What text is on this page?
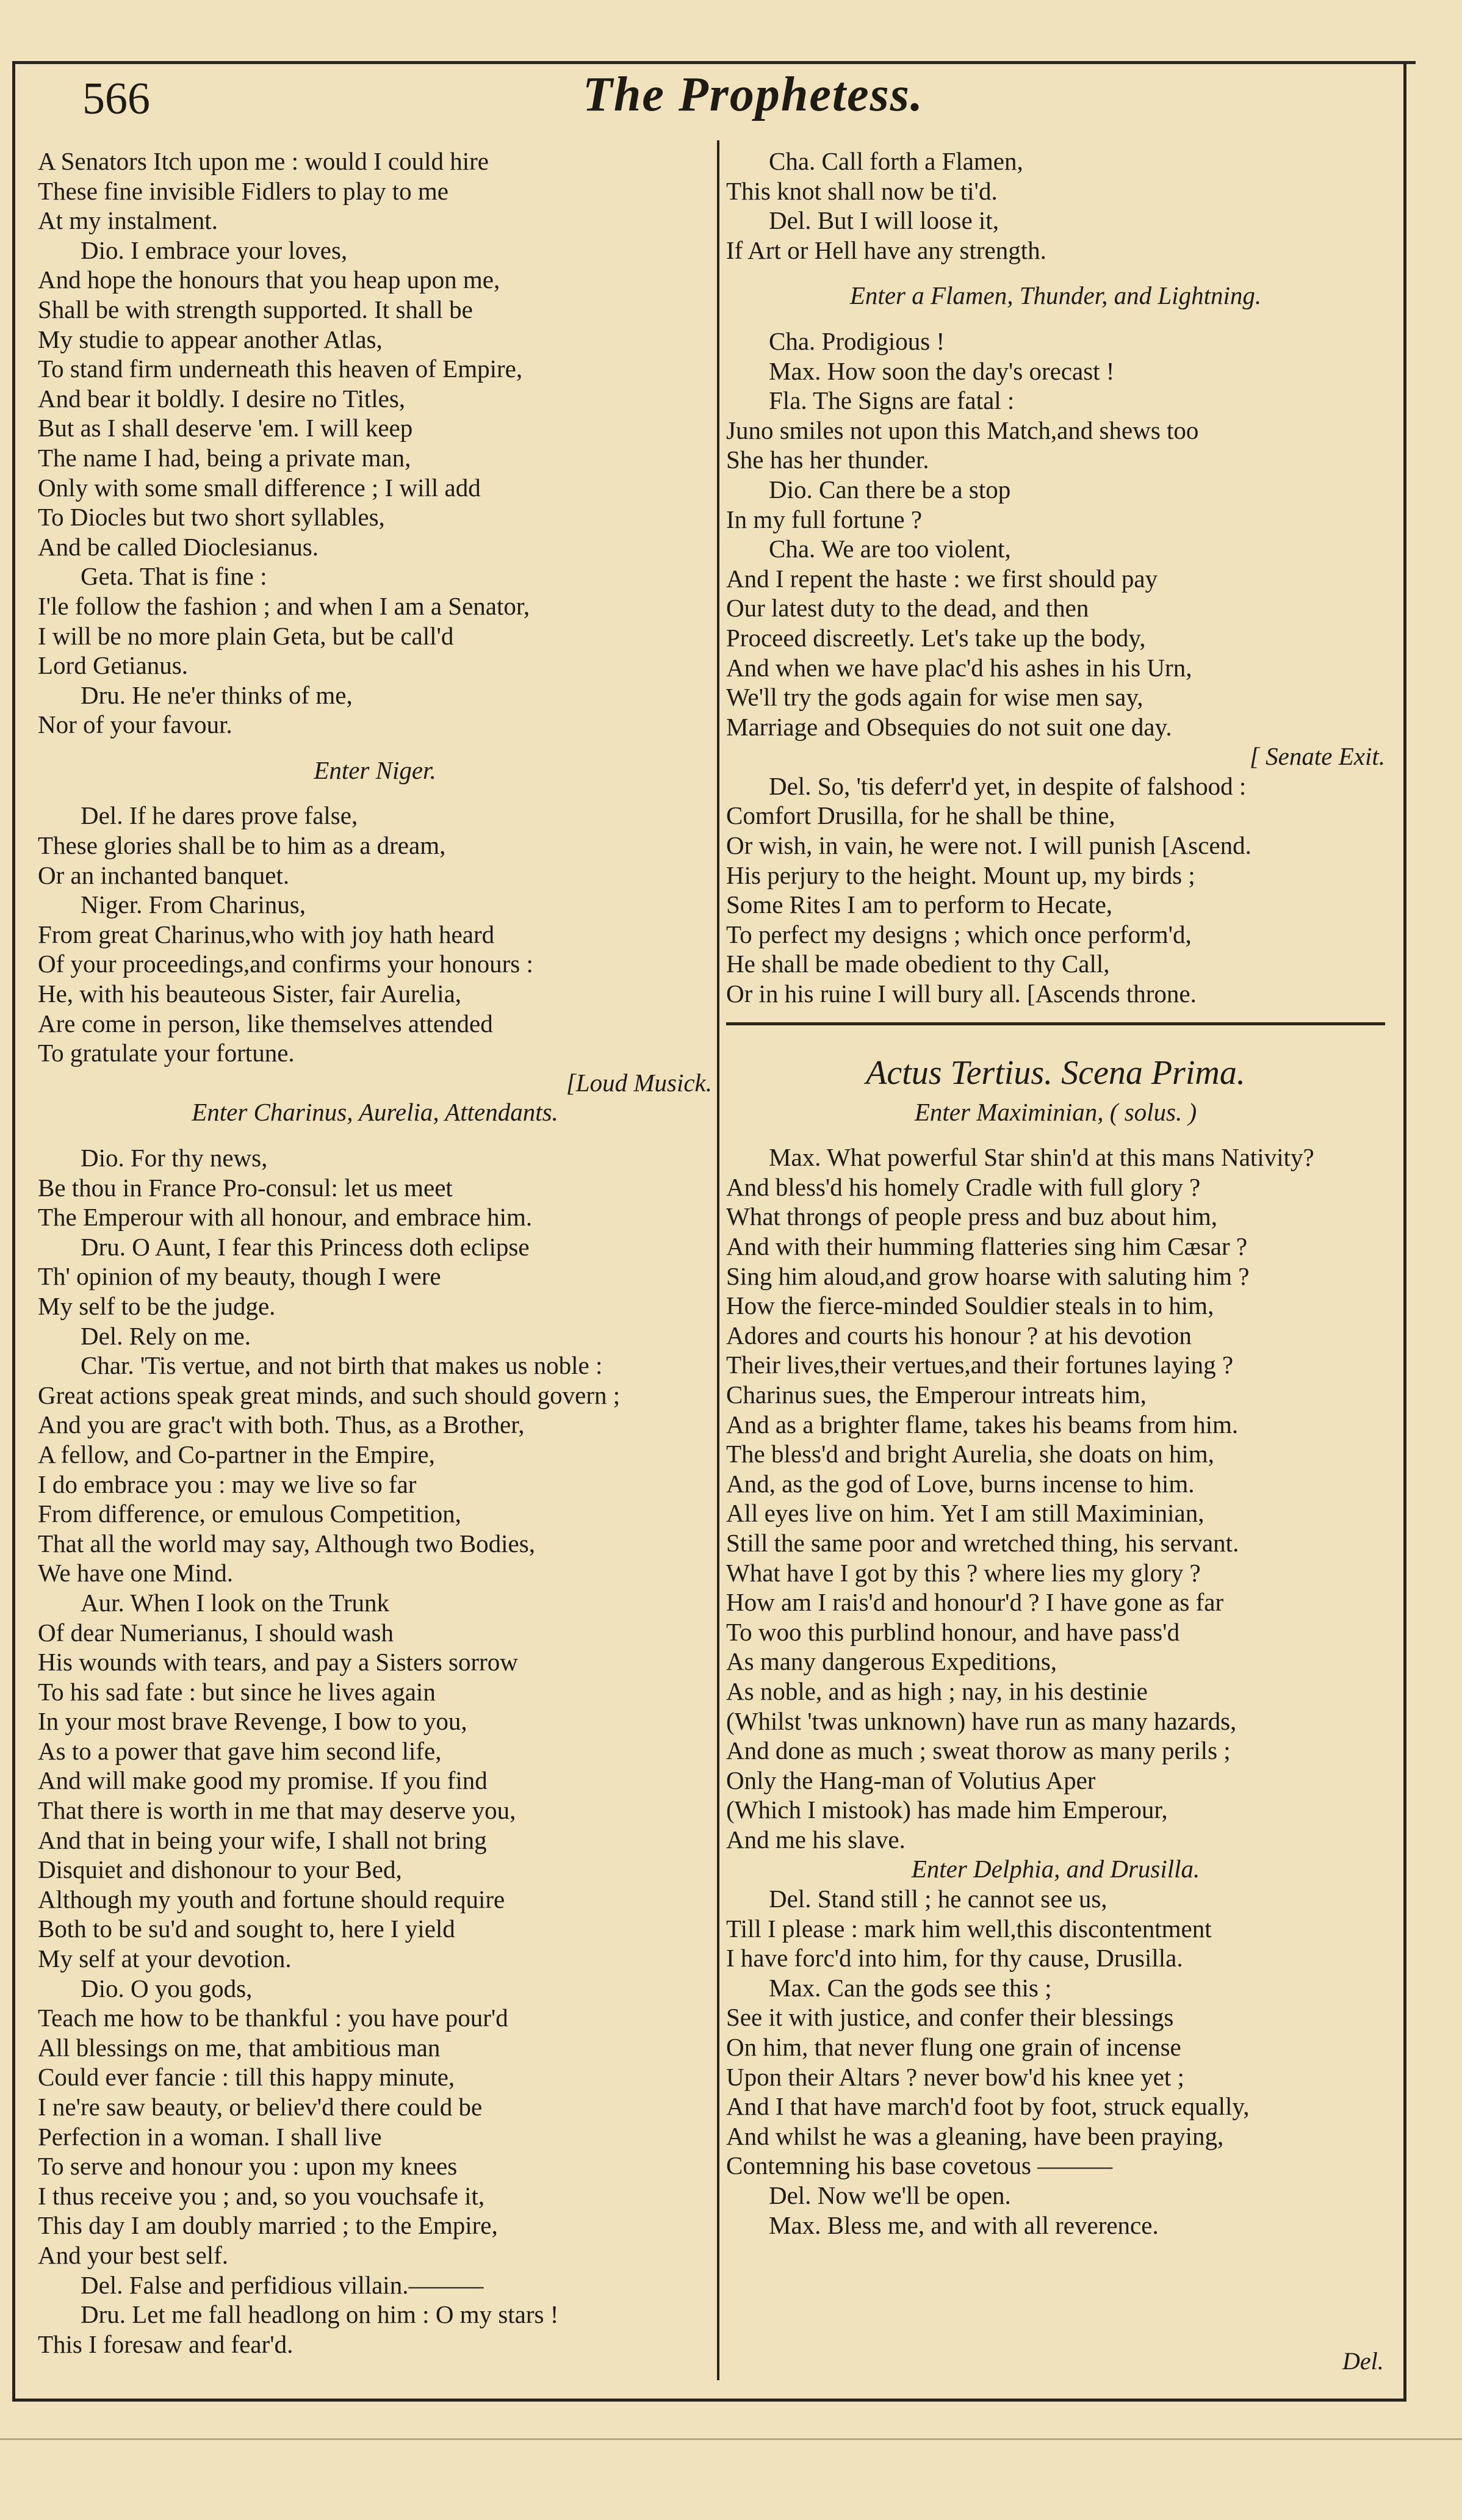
566	The Prophetess.
A Senators Itch upon me : would I could hire
These fine invisible Fidlers to play to me
At my instalment.
Dio. I embrace your loves,
And hope the honours that you heap upon me,
Shall be with strength supported. It shall be
My studie to appear another Atlas,
To stand firm underneath this heaven of Empire,
And bear it boldly. I desire no Titles,
But as I shall deserve 'em. I will keep
The name I had, being a private man,
Only with some small difference ; I will add
To Diocles but two short syllables,
And be called Dioclesianus.
Geta. That is fine :
I'le follow the fashion ; and when I am a Senator,
I will be no more plain Geta, but be call'd
Lord Getianus.
Dru. He ne'er thinks of me,
Nor of your favour.
Enter Niger.
Del. If he dares prove false,
These glories shall be to him as a dream,
Or an inchanted banquet.
Niger. From Charinus,
From great Charinus,who with joy hath heard
Of your proceedings,and confirms your honours :
He, with his beauteous Sister, fair Aurelia,
Are come in person, like themselves attended
To gratulate your fortune.
[Loud Musick.
Enter Charinus, Aurelia, Attendants.
Dio. For thy news,
Be thou in France Pro-consul: let us meet
The Emperour with all honour, and embrace him.
Dru. O Aunt, I fear this Princess doth eclipse
Th' opinion of my beauty, though I were
My self to be the judge.
Del. Rely on me.
Char. 'Tis vertue, and not birth that makes us noble :
Great actions speak great minds, and such should govern ;
And you are grac't with both. Thus, as a Brother,
A fellow, and Co-partner in the Empire,
I do embrace you : may we live so far
From difference, or emulous Competition,
That all the world may say, Although two Bodies,
We have one Mind.
Aur. When I look on the Trunk
Of dear Numerianus, I should wash
His wounds with tears, and pay a Sisters sorrow
To his sad fate : but since he lives again
In your most brave Revenge, I bow to you,
As to a power that gave him second life,
And will make good my promise. If you find
That there is worth in me that may deserve you,
And that in being your wife, I shall not bring
Disquiet and dishonour to your Bed,
Although my youth and fortune should require
Both to be su'd and sought to, here I yield
My self at your devotion.
Dio. O you gods,
Teach me how to be thankful : you have pour'd
All blessings on me, that ambitious man
Could ever fancie : till this happy minute,
I ne're saw beauty, or believ'd there could be
Perfection in a woman. I shall live
To serve and honour you : upon my knees
I thus receive you ; and, so you vouchsafe it,
This day I am doubly married ; to the Empire,
And your best self.
Del. False and perfidious villain.———
Dru. Let me fall headlong on him : O my stars !
This I foresaw and fear'd.
Cha. Call forth a Flamen,
This knot shall now be ti'd.
Del. But I will loose it,
If Art or Hell have any strength.
Enter a Flamen, Thunder, and Lightning.
Cha. Prodigious !
Max. How soon the day's orecast !
Fla. The Signs are fatal :
Juno smiles not upon this Match,and shews too
She has her thunder.
Dio. Can there be a stop
In my full fortune ?
Cha. We are too violent,
And I repent the haste : we first should pay
Our latest duty to the dead, and then
Proceed discreetly. Let's take up the body,
And when we have plac'd his ashes in his Urn,
We'll try the gods again for wise men say,
Marriage and Obsequies do not suit one day.
[ Senate Exit.
Del. So, 'tis deferr'd yet, in despite of falshood :
Comfort Drusilla, for he shall be thine,
Or wish, in vain, he were not. I will punish [Ascend.
His perjury to the height. Mount up, my birds ;
Some Rites I am to perform to Hecate,
To perfect my designs ; which once perform'd,
He shall be made obedient to thy Call,
Or in his ruine I will bury all. [Ascends throne.
Actus Tertius. Scena Prima.
Enter Maximinian, ( solus. )
Max. What powerful Star shin'd at this mans Nativity?
And bless'd his homely Cradle with full glory ?
What throngs of people press and buz about him,
And with their humming flatteries sing him Cæsar ?
Sing him aloud,and grow hoarse with saluting him ?
How the fierce-minded Souldier steals in to him,
Adores and courts his honour ? at his devotion
Their lives,their vertues,and their fortunes laying ?
Charinus sues, the Emperour intreats him,
And as a brighter flame, takes his beams from him.
The bless'd and bright Aurelia, she doats on him,
And, as the god of Love, burns incense to him.
All eyes live on him. Yet I am still Maximinian,
Still the same poor and wretched thing, his servant.
What have I got by this ? where lies my glory ?
How am I rais'd and honour'd ? I have gone as far
To woo this purblind honour, and have pass'd
As many dangerous Expeditions,
As noble, and as high ; nay, in his destinie
(Whilst 'twas unknown) have run as many hazards,
And done as much ; sweat thorow as many perils ;
Only the Hang-man of Volutius Aper
(Which I mistook) has made him Emperour,
And me his slave.
Enter Delphia, and Drusilla.
Del. Stand still ; he cannot see us,
Till I please : mark him well,this discontentment
I have forc'd into him, for thy cause, Drusilla.
Max. Can the gods see this ;
See it with justice, and confer their blessings
On him, that never flung one grain of incense
Upon their Altars ? never bow'd his knee yet ;
And I that have march'd foot by foot, struck equally,
And whilst he was a gleaning, have been praying,
Contemning his base covetous ———
Del. Now we'll be open.
Max. Bless me, and with all reverence.
Del.
